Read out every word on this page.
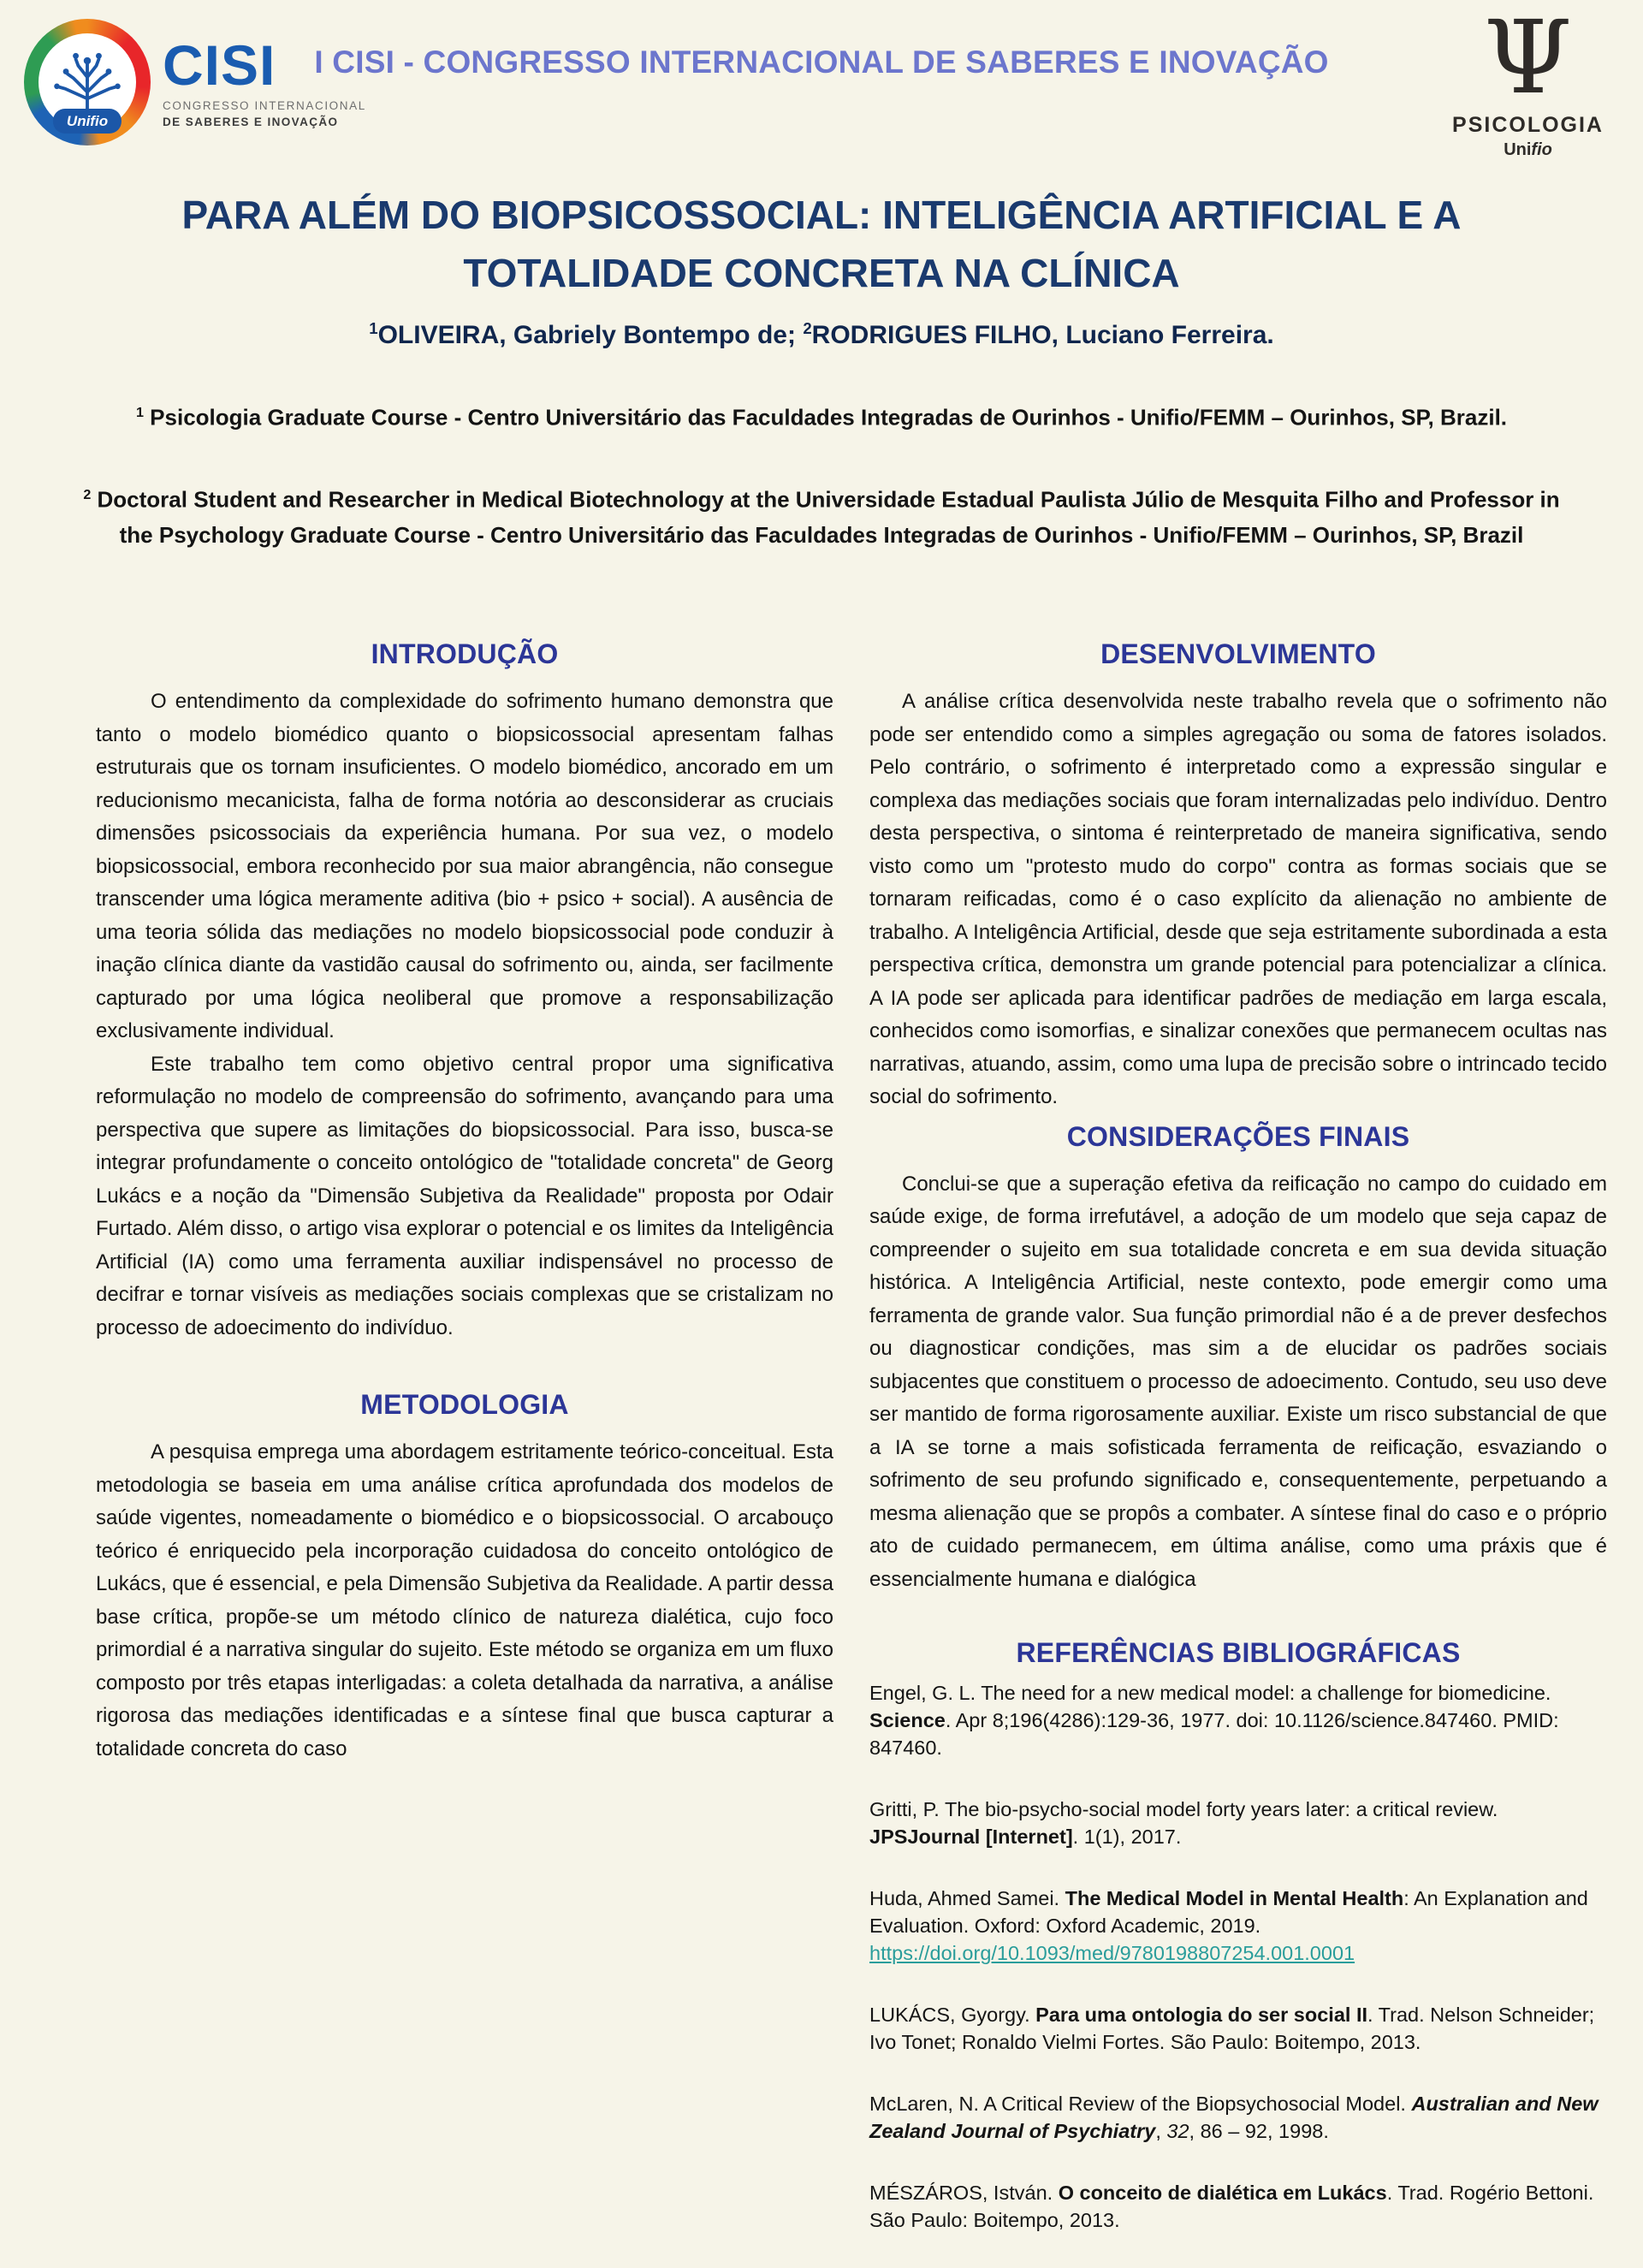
Unifio
CISI
CONGRESSO INTERNACIONAL
DE SABERES E INOVAÇÃO
I CISI - CONGRESSO INTERNACIONAL DE SABERES E INOVAÇÃO	Ψ
PSICOLOGIA
Unifio
PARA ALÉM DO BIOPSICOSSOCIAL: INTELIGÊNCIA ARTIFICIAL E A
TOTALIDADE CONCRETA NA CLÍNICA
$^1$OLIVEIRA, Gabriely Bontempo de; $^2$RODRIGUES FILHO, Luciano Ferreira.
$^1$ Psicologia Graduate Course - Centro Universitário das Faculdades Integradas de Ourinhos - Unifio/FEMM – Ourinhos, SP, Brazil.
$^2$ Doctoral Student and Researcher in Medical Biotechnology at the Universidade Estadual Paulista Júlio de Mesquita Filho and Professor in the Psychology Graduate Course - Centro Universitário das Faculdades Integradas de Ourinhos - Unifio/FEMM – Ourinhos, SP, Brazil
INTRODUÇÃO

O entendimento da complexidade do sofrimento humano demonstra que tanto o modelo biomédico quanto o biopsicossocial apresentam falhas estruturais que os tornam insuficientes. O modelo biomédico, ancorado em um reducionismo mecanicista, falha de forma notória ao desconsiderar as cruciais dimensões psicossociais da experiência humana. Por sua vez, o modelo biopsicossocial, embora reconhecido por sua maior abrangência, não consegue transcender uma lógica meramente aditiva (bio + psico + social). A ausência de uma teoria sólida das mediações no modelo biopsicossocial pode conduzir à inação clínica diante da vastidão causal do sofrimento ou, ainda, ser facilmente capturado por uma lógica neoliberal que promove a responsabilização exclusivamente individual.

Este trabalho tem como objetivo central propor uma significativa reformulação no modelo de compreensão do sofrimento, avançando para uma perspectiva que supere as limitações do biopsicossocial. Para isso, busca-se integrar profundamente o conceito ontológico de "totalidade concreta" de Georg Lukács e a noção da "Dimensão Subjetiva da Realidade" proposta por Odair Furtado. Além disso, o artigo visa explorar o potencial e os limites da Inteligência Artificial (IA) como uma ferramenta auxiliar indispensável no processo de decifrar e tornar visíveis as mediações sociais complexas que se cristalizam no processo de adoecimento do indivíduo.

METODOLOGIA

A pesquisa emprega uma abordagem estritamente teórico-conceitual. Esta metodologia se baseia em uma análise crítica aprofundada dos modelos de saúde vigentes, nomeadamente o biomédico e o biopsicossocial. O arcabouço teórico é enriquecido pela incorporação cuidadosa do conceito ontológico de Lukács, que é essencial, e pela Dimensão Subjetiva da Realidade. A partir dessa base crítica, propõe-se um método clínico de natureza dialética, cujo foco primordial é a narrativa singular do sujeito. Este método se organiza em um fluxo composto por três etapas interligadas: a coleta detalhada da narrativa, a análise rigorosa das mediações identificadas e a síntese final que busca capturar a totalidade concreta do caso

DESENVOLVIMENTO

A análise crítica desenvolvida neste trabalho revela que o sofrimento não pode ser entendido como a simples agregação ou soma de fatores isolados. Pelo contrário, o sofrimento é interpretado como a expressão singular e complexa das mediações sociais que foram internalizadas pelo indivíduo. Dentro desta perspectiva, o sintoma é reinterpretado de maneira significativa, sendo visto como um "protesto mudo do corpo" contra as formas sociais que se tornaram reificadas, como é o caso explícito da alienação no ambiente de trabalho. A Inteligência Artificial, desde que seja estritamente subordinada a esta perspectiva crítica, demonstra um grande potencial para potencializar a clínica. A IA pode ser aplicada para identificar padrões de mediação em larga escala, conhecidos como isomorfias, e sinalizar conexões que permanecem ocultas nas narrativas, atuando, assim, como uma lupa de precisão sobre o intrincado tecido social do sofrimento.

CONSIDERAÇÕES FINAIS

Conclui-se que a superação efetiva da reificação no campo do cuidado em saúde exige, de forma irrefutável, a adoção de um modelo que seja capaz de compreender o sujeito em sua totalidade concreta e em sua devida situação histórica. A Inteligência Artificial, neste contexto, pode emergir como uma ferramenta de grande valor. Sua função primordial não é a de prever desfechos ou diagnosticar condições, mas sim a de elucidar os padrões sociais subjacentes que constituem o processo de adoecimento. Contudo, seu uso deve ser mantido de forma rigorosamente auxiliar. Existe um risco substancial de que a IA se torne a mais sofisticada ferramenta de reificação, esvaziando o sofrimento de seu profundo significado e, consequentemente, perpetuando a mesma alienação que se propôs a combater. A síntese final do caso e o próprio ato de cuidado permanecem, em última análise, como uma práxis que é essencialmente humana e dialógica

REFERÊNCIAS BIBLIOGRÁFICAS

Engel, G. L. The need for a new medical model: a challenge for biomedicine. Science. Apr 8;196(4286):129-36, 1977. doi: 10.1126/science.847460. PMID: 847460.

Gritti, P. The bio-psycho-social model forty years later: a critical review. JPSJournal [Internet]. 1(1), 2017.

Huda, Ahmed Samei. The Medical Model in Mental Health: An Explanation and Evaluation. Oxford: Oxford Academic, 2019.
https://doi.org/10.1093/med/9780198807254.001.0001

LUKÁCS, Gyorgy. Para uma ontologia do ser social II. Trad. Nelson Schneider; Ivo Tonet; Ronaldo Vielmi Fortes. São Paulo: Boitempo, 2013.

McLaren, N. A Critical Review of the Biopsychosocial Model. Australian and New Zealand Journal of Psychiatry, 32, 86 – 92, 1998.

MÉSZÁROS, István. O conceito de dialética em Lukács. Trad. Rogério Bettoni. São Paulo: Boitempo, 2013.
